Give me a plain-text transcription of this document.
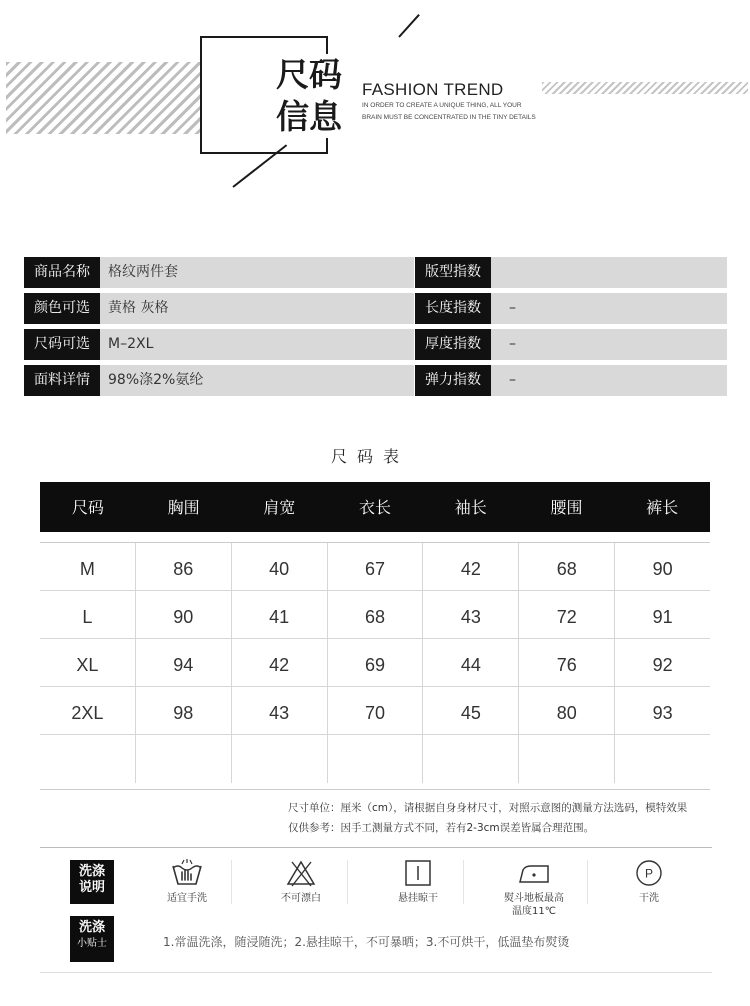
尺码
信息
FASHION TREND
IN ORDER TO CREATE A UNIQUE THING, ALL YOUR
BRAIN MUST BE CONCENTRATED IN THE TINY DETAILS
商品名称	格纹两件套	版型指数
颜色可选	黄格 灰格	长度指数	–
尺码可选	M–2XL	厚度指数	–
面料详情	98%涤2%氨纶	弹力指数	–
尺码表
尺码	胸围	肩宽	衣长	袖长	腰围	裤长
M	86	40	67	42	68	90
L	90	41	68	43	72	91
XL	94	42	69	44	76	92
2XL	98	43	70	45	80	93
尺寸单位：厘米（cm），请根据自身身材尺寸，对照示意图的测量方法选码，模特效果
仅供参考：因手工测量方式不同，若有2-3cm误差皆属合理范围。
洗涤
说明
适宜手洗	不可漂白	悬挂晾干	熨斗地板最高
温度11℃
P
干洗
洗涤
小贴士	1.常温洗涤，随浸随洗；2.悬挂晾干，不可暴晒；3.不可烘干，低温垫布熨烫
